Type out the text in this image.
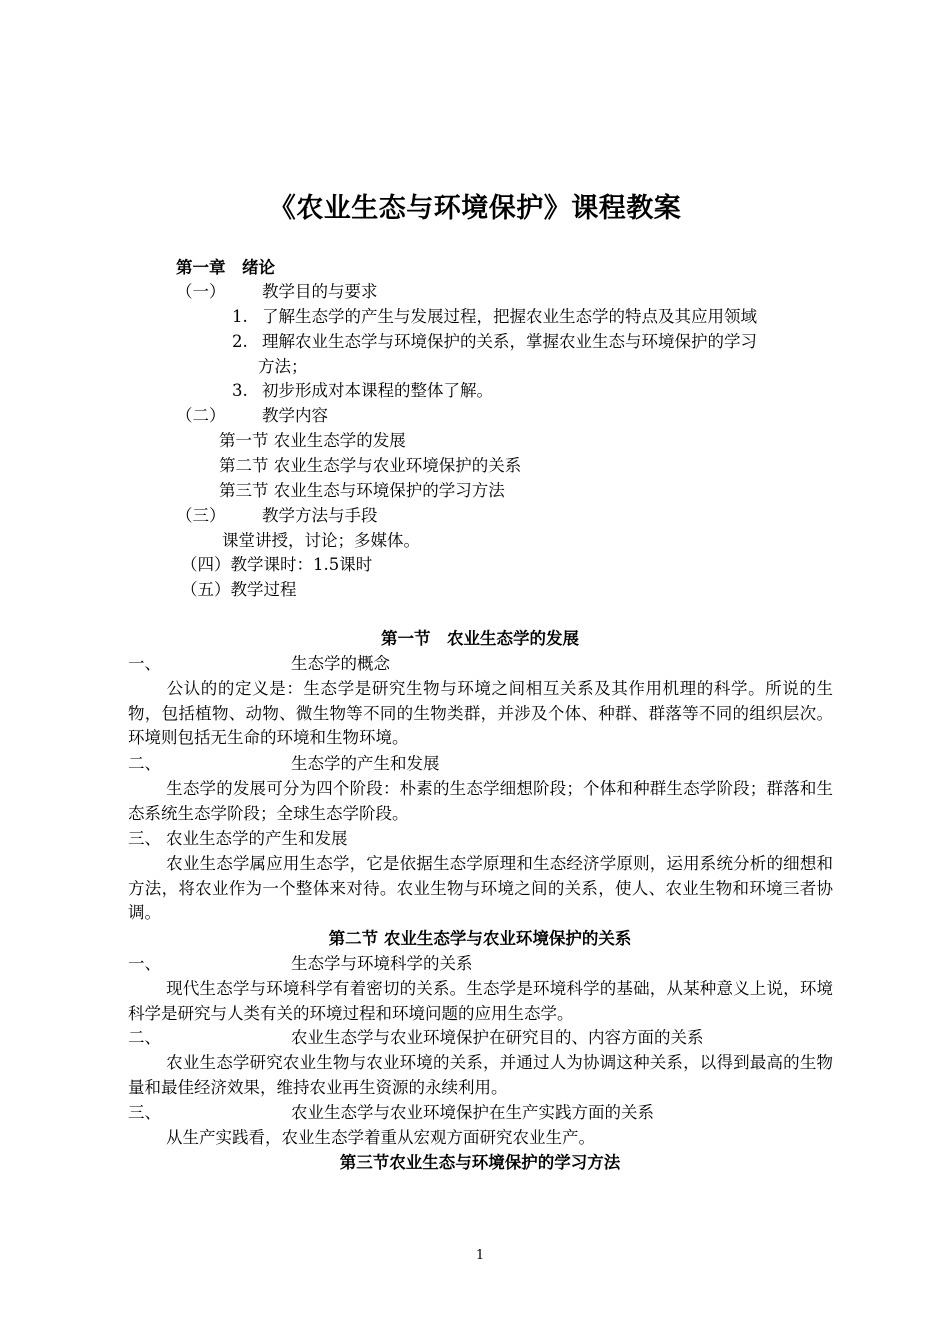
《农业生态与环境保护》课程教案
第一章　绪论
（一） 教学目的与要求
1. 了解生态学的产生与发展过程，把握农业生态学的特点及其应用领域
2. 理解农业生态学与环境保护的关系，掌握农业生态与环境保护的学习
方法；
3. 初步形成对本课程的整体了解。
（二） 教学内容
第一节 农业生态学的发展
第二节 农业生态学与农业环境保护的关系
第三节 农业生态与环境保护的学习方法
（三） 教学方法与手段
课堂讲授，讨论；多媒体。
（四）教学课时：1.5课时
（五）教学过程
第一节　农业生态学的发展
一、	生态学的概念
公认的的定义是：生态学是研究生物与环境之间相互关系及其作用机理的科学。所说的生物，包括植物、动物、微生物等不同的生物类群，并涉及个体、种群、群落等不同的组织层次。环境则包括无生命的环境和生物环境。
二、	生态学的产生和发展
生态学的发展可分为四个阶段：朴素的生态学细想阶段；个体和种群生态学阶段；群落和生态系统生态学阶段；全球生态学阶段。
三、 农业生态学的产生和发展
农业生态学属应用生态学，它是依据生态学原理和生态经济学原则，运用系统分析的细想和方法，将农业作为一个整体来对待。农业生物与环境之间的关系，使人、农业生物和环境三者协调。
第二节 农业生态学与农业环境保护的关系
一、	生态学与环境科学的关系
现代生态学与环境科学有着密切的关系。生态学是环境科学的基础，从某种意义上说，环境科学是研究与人类有关的环境过程和环境问题的应用生态学。
二、	农业生态学与农业环境保护在研究目的、内容方面的关系
农业生态学研究农业生物与农业环境的关系，并通过人为协调这种关系，以得到最高的生物量和最佳经济效果，维持农业再生资源的永续利用。
三、	农业生态学与农业环境保护在生产实践方面的关系
从生产实践看，农业生态学着重从宏观方面研究农业生产。
第三节农业生态与环境保护的学习方法
1
